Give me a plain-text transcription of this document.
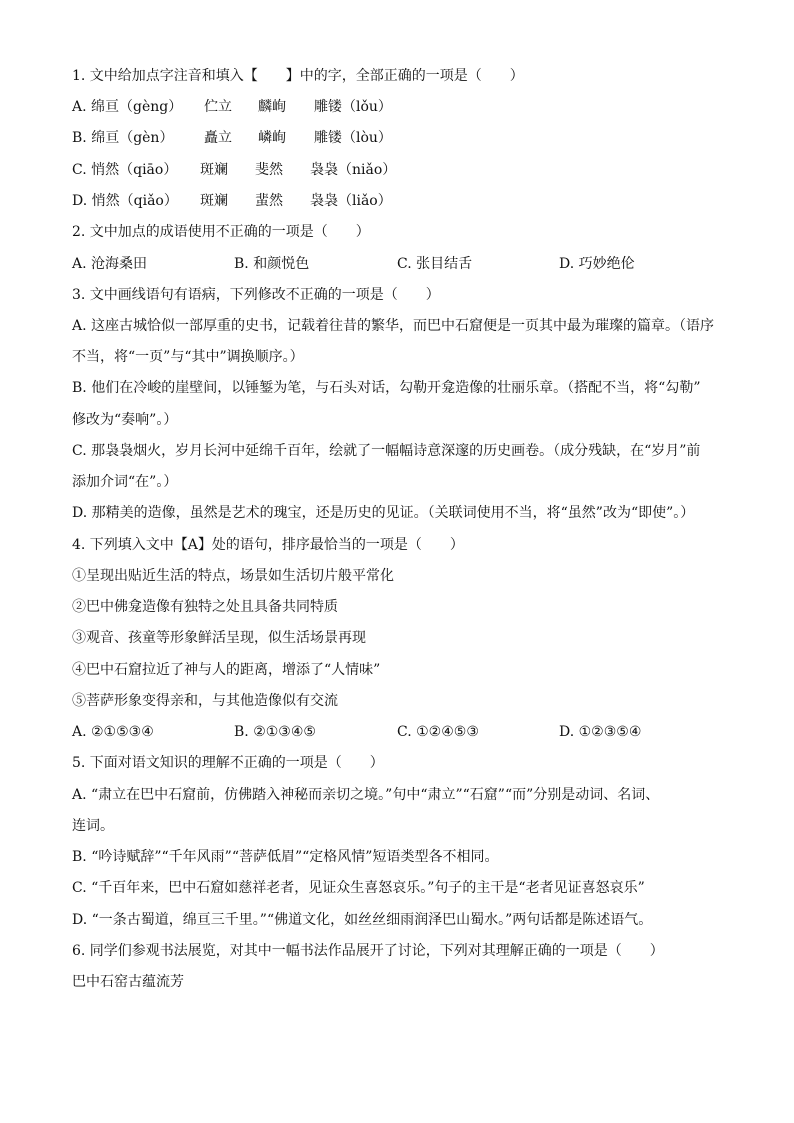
1. 文中给加点字注音和填入【　　】中的字，全部正确的一项是（　　）
A. 绵亘（gèng） 伫立 麟峋 雕镂（lǒu）
B. 绵亘（gèn） 矗立 嶙峋 雕镂（lòu）
C. 悄然（qiāo） 斑斓 斐然 袅袅（niǎo）
D. 悄然（qiǎo） 斑斓 蜚然 袅袅（liǎo）
2. 文中加点的成语使用不正确的一项是（　　）
A. 沧海桑田	B. 和颜悦色	C. 张目结舌	D. 巧妙绝伦
3. 文中画线语句有语病，下列修改不正确的一项是（　　）
A. 这座古城恰似一部厚重的史书，记载着往昔的繁华，而巴中石窟便是一页其中最为璀璨的篇章。（语序
不当，将“一页”与“其中”调换顺序。）
B. 他们在冷峻的崖壁间，以锤錾为笔，与石头对话，勾勒开龛造像的壮丽乐章。（搭配不当，将“勾勒”
修改为“奏响”。）
C. 那袅袅烟火，岁月长河中延绵千百年，绘就了一幅幅诗意深邃的历史画卷。（成分残缺，在“岁月”前
添加介词“在”。）
D. 那精美的造像，虽然是艺术的瑰宝，还是历史的见证。（关联词使用不当，将“虽然”改为“即使”。）
4. 下列填入文中【A】处的语句，排序最恰当的一项是（　　）
①呈现出贴近生活的特点，场景如生活切片般平常化
②巴中佛龛造像有独特之处且具备共同特质
③观音、孩童等形象鲜活呈现，似生活场景再现
④巴中石窟拉近了神与人的距离，增添了“人情味”
⑤菩萨形象变得亲和，与其他造像似有交流
A. ②①⑤③④	B. ②①③④⑤	C. ①②④⑤③	D. ①②③⑤④
5. 下面对语文知识的理解不正确的一项是（　　）
A. “肃立在巴中石窟前，仿佛踏入神秘而亲切之境。”句中“肃立”“石窟”“而”分别是动词、名词、
连词。
B. “吟诗赋辞”“千年风雨”“菩萨低眉”“定格风情”短语类型各不相同。
C. “千百年来，巴中石窟如慈祥老者，见证众生喜怒哀乐。”句子的主干是“老者见证喜怒哀乐”
D. “一条古蜀道，绵亘三千里。”“佛道文化，如丝丝细雨润泽巴山蜀水。”两句话都是陈述语气。
6. 同学们参观书法展览，对其中一幅书法作品展开了讨论，下列对其理解正确的一项是（　　）
巴中石窑古蕴流芳
